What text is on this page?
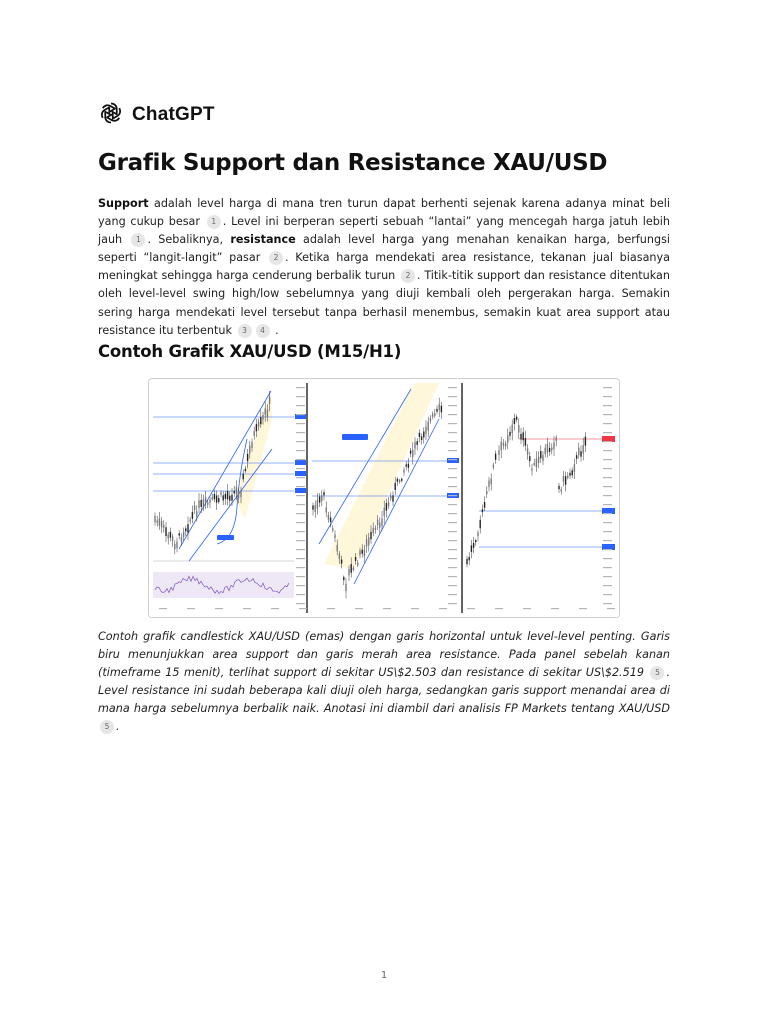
ChatGPT
Grafik Support dan Resistance XAU/USD

Support adalah level harga di mana tren turun dapat berhenti sejenak karena adanya minat beli yang cukup besar 1 . Level ini berperan seperti sebuah “lantai” yang mencegah harga jatuh lebih jauh 1 . Sebaliknya, resistance adalah level harga yang menahan kenaikan harga, berfungsi seperti “langit-langit” pasar 2 . Ketika harga mendekati area resistance, tekanan jual biasanya meningkat sehingga harga cenderung berbalik turun 2 . Titik-titik support dan resistance ditentukan oleh level-level swing high/low sebelumnya yang diuji kembali oleh pergerakan harga. Semakin sering harga mendekati level tersebut tanpa berhasil menembus, semakin kuat area support atau resistance itu terbentuk 3 4 .

Contoh Grafik XAU/USD (M15/H1)

Contoh grafik candlestick XAU/USD (emas) dengan garis horizontal untuk level-level penting. Garis biru menunjukkan area support dan garis merah area resistance. Pada panel sebelah kanan (timeframe 15 menit), terlihat support di sekitar US\$2.503 dan resistance di sekitar US\$2.519 5 . Level resistance ini sudah beberapa kali diuji oleh harga, sedangkan garis support menandai area di mana harga sebelumnya berbalik naik. Anotasi ini diambil dari analisis FP Markets tentang XAU/USD 5 .

1
